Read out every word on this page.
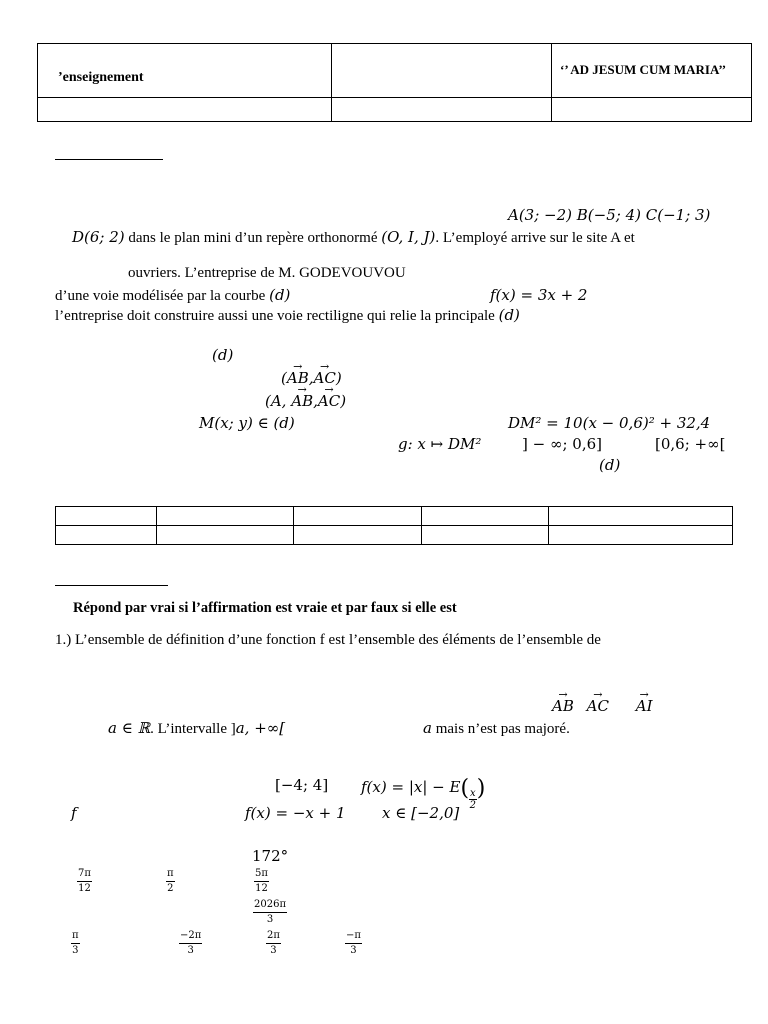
’enseignement		‘’ AD JESUM CUM MARIA’’

A(3; −2) B(−5; 4) C(−1; 3)
D(6; 2) dans le plan mini d’un repère orthonormé (O, I, J). L’employé arrive sur le site A et
ouvriers. L’entreprise de M. GODEVOUVOU
d’une voie modélisée par la courbe (d)	f(x) = 3x + 2
l’entreprise doit construire aussi une voie rectiligne qui relie la principale (d)
(d)
(→ AB,→ AC)
(A, → AB,→ AC)
M(x; y) ∈ (d)	DM² = 10(x − 0,6)² + 32,4
g: x ↦ DM²	] − ∞; 0,6]	[0,6; +∞[
(d)

Répond par vrai si l’affirmation est vraie et par faux si elle est
1.) L’ensemble de définition d’une fonction f est l’ensemble des éléments de l’ensemble de
→ AB → AC → AI
a ∈ ℝ. L’intervalle ]a, +∞[	a mais n’est pas majoré.
[−4; 4] $f(x) = |x| - E( \frac{x}{2}$ )
f	f(x) = −x + 1 x ∈ [−2,0]
172°
$\frac{7\pi}{12}$	$\frac{\pi}{2}$	$\frac{5\pi}{12}$
$\frac{2026\pi}{3}$
$\frac{\pi}{3}$	$\frac{-2\pi}{3}$	$\frac{2\pi}{3}$	$\frac{-\pi}{3}$
